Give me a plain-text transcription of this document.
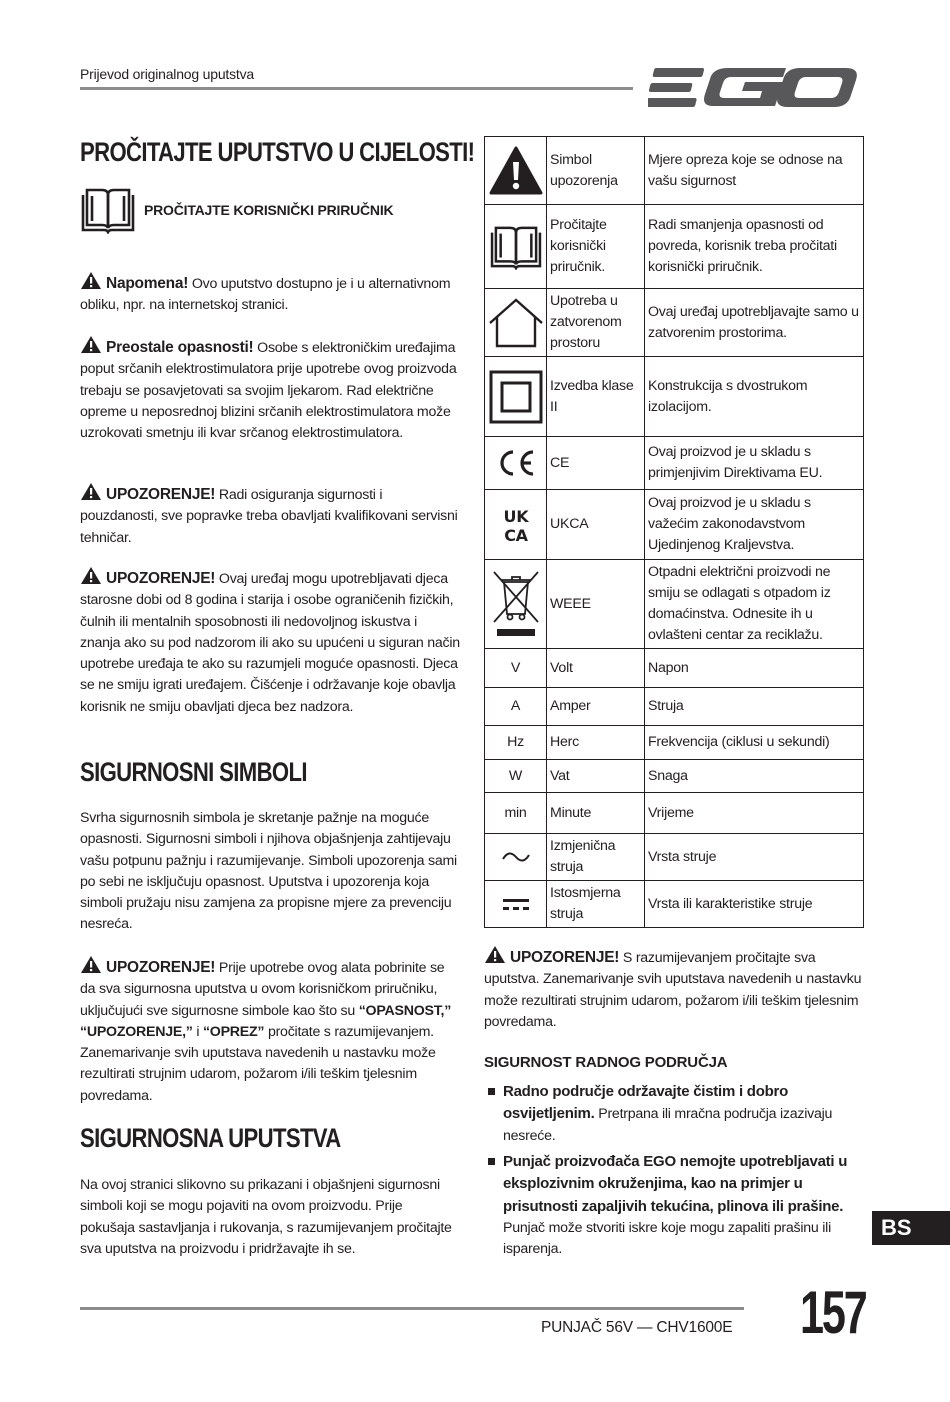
Prijevod originalnog uputstva
PROČITAJTE UPUTSTVO U CIJELOSTI!
PROČITAJTE KORISNIČKI PRIRUČNIK

Napomena! Ovo uputstvo dostupno je i u alternativnom obliku, npr. na internetskoj stranici.

Preostale opasnosti! Osobe s elektroničkim uređajima poput srčanih elektrostimulatora prije upotrebe ovog proizvoda trebaju se posavjetovati sa svojim ljekarom. Rad električne opreme u neposrednoj blizini srčanih elektrostimulatora može uzrokovati smetnju ili kvar srčanog elektrostimulatora.

UPOZORENJE! Radi osiguranja sigurnosti i pouzdanosti, sve popravke treba obavljati kvalifikovani servisni tehničar.

UPOZORENJE! Ovaj uređaj mogu upotrebljavati djeca starosne dobi od 8 godina i starija i osobe ograničenih fizičkih, čulnih ili mentalnih sposobnosti ili nedovoljnog iskustva i znanja ako su pod nadzorom ili ako su upućeni u siguran način upotrebe uređaja te ako su razumjeli moguće opasnosti. Djeca se ne smiju igrati uređajem. Čišćenje i održavanje koje obavlja korisnik ne smiju obavljati djeca bez nadzora.

SIGURNOSNI SIMBOLI

Svrha sigurnosnih simbola je skretanje pažnje na moguće opasnosti. Sigurnosni simboli i njihova objašnjenja zahtijevaju vašu potpunu pažnju i razumijevanje. Simboli upozorenja sami po sebi ne isključuju opasnost. Uputstva i upozorenja koja simboli pružaju nisu zamjena za propisne mjere za prevenciju nesreća.

UPOZORENJE! Prije upotrebe ovog alata pobrinite se da sva sigurnosna uputstva u ovom korisničkom priručniku, uključujući sve sigurnosne simbole kao što su “OPASNOST,” “UPOZORENJE,” i “OPREZ” pročitate s razumijevanjem. Zanemarivanje svih uputstava navedenih u nastavku može rezultirati strujnim udarom, požarom i/ili teškim tjelesnim povredama.

SIGURNOSNA UPUTSTVA

Na ovoj stranici slikovno su prikazani i objašnjeni sigurnosni simboli koji se mogu pojaviti na ovom proizvodu. Prije pokušaja sastavljanja i rukovanja, s razumijevanjem pročitajte sva uputstva na proizvodu i pridržavajte ih se.

	Simbol upozorenja	Mjere opreza koje se odnose na vašu sigurnost

	Pročitajte korisnički priručnik.	Radi smanjenja opasnosti od povreda, korisnik treba pročitati korisnički priručnik.

	Upotreba u zatvorenom prostoru	Ovaj uređaj upotrebljavajte samo u zatvorenim prostorima.

	Izvedba klase II	Konstrukcija s dvostrukom izolacijom.

	CE	Ovaj proizvod je u skladu s primjenjivim Direktivama EU.

UK
CA	UKCA	Ovaj proizvod je u skladu s važećim zakonodavstvom Ujedinjenog Kraljevstva.

	WEEE	Otpadni električni proizvodi ne smiju se odlagati s otpadom iz domaćinstva. Odnesite ih u ovlašteni centar za reciklažu.
V	Volt	Napon
A	Amper	Struja
Hz	Herc	Frekvencija (ciklusi u sekundi)
W	Vat	Snaga
min	Minute	Vrijeme

	Izmjenična struja	Vrsta struje

	Istosmjerna struja	Vrsta ili karakteristike struje

UPOZORENJE! S razumijevanjem pročitajte sva uputstva. Zanemarivanje svih uputstava navedenih u nastavku može rezultirati strujnim udarom, požarom i/ili teškim tjelesnim povredama.

SIGURNOST RADNOG PODRUČJA
Radno područje održavajte čistim i dobro osvijetljenim. Pretrpana ili mračna područja izazivaju nesreće.
Punjač proizvođača EGO nemojte upotrebljavati u eksplozivnim okruženjima, kao na primjer u prisutnosti zapaljivih tekućina, plinova ili prašine. Punjač može stvoriti iskre koje mogu zapaliti prašinu ili isparenja.
BS
PUNJAČ 56V — CHV1600E 157
